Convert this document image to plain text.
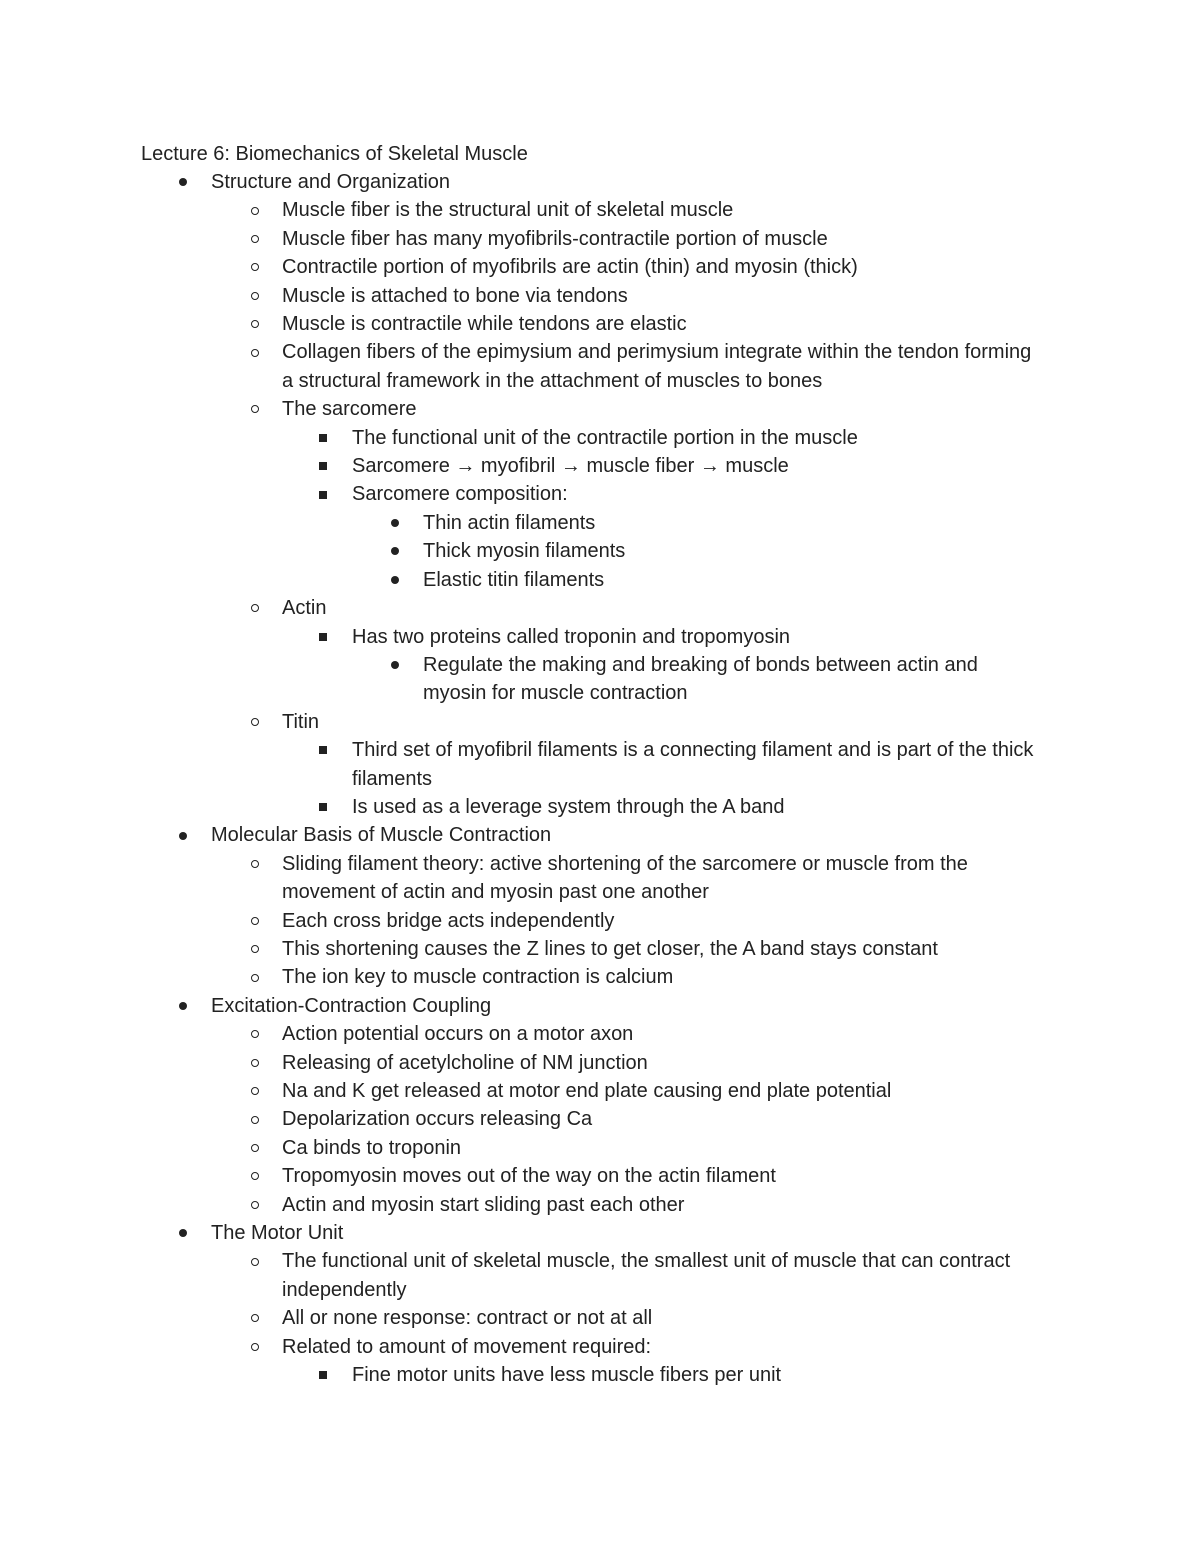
Lecture 6: Biomechanics of Skeletal Muscle
Structure and Organization
Muscle fiber is the structural unit of skeletal muscle
Muscle fiber has many myofibrils-contractile portion of muscle
Contractile portion of myofibrils are actin (thin) and myosin (thick)
Muscle is attached to bone via tendons
Muscle is contractile while tendons are elastic
Collagen fibers of the epimysium and perimysium integrate within the tendon forming a structural framework in the attachment of muscles to bones
The sarcomere
The functional unit of the contractile portion in the muscle
Sarcomere → myofibril → muscle fiber → muscle
Sarcomere composition:
Thin actin filaments
Thick myosin filaments
Elastic titin filaments
Actin
Has two proteins called troponin and tropomyosin
Regulate the making and breaking of bonds between actin and myosin for muscle contraction
Titin
Third set of myofibril filaments is a connecting filament and is part of the thick filaments
Is used as a leverage system through the A band
Molecular Basis of Muscle Contraction
Sliding filament theory: active shortening of the sarcomere or muscle from the movement of actin and myosin past one another
Each cross bridge acts independently
This shortening causes the Z lines to get closer, the A band stays constant
The ion key to muscle contraction is calcium
Excitation-Contraction Coupling
Action potential occurs on a motor axon
Releasing of acetylcholine of NM junction
Na and K get released at motor end plate causing end plate potential
Depolarization occurs releasing Ca
Ca binds to troponin
Tropomyosin moves out of the way on the actin filament
Actin and myosin start sliding past each other
The Motor Unit
The functional unit of skeletal muscle, the smallest unit of muscle that can contract independently
All or none response: contract or not at all
Related to amount of movement required:
Fine motor units have less muscle fibers per unit
